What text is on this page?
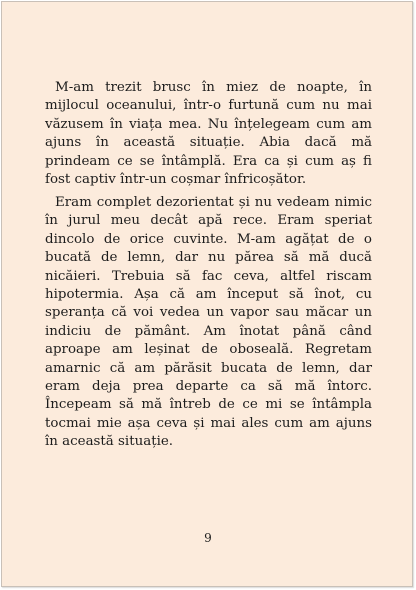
M-am trezit brusc în miez de noapte, în mijlocul oceanului, într-o furtună cum nu mai văzusem în viața mea. Nu înțelegeam cum am ajuns în această situație. Abia dacă mă prindeam ce se întâmplă. Era ca și cum aș fi fost captiv într-un coșmar înfricoșător.

Eram complet dezorientat și nu vedeam nimic în jurul meu decât apă rece. Eram speriat dincolo de orice cuvinte. M-am agățat de o bucată de lemn, dar nu părea să mă ducă nicăieri. Trebuia să fac ceva, altfel riscam hipotermia. Așa că am început să înot, cu speranța că voi vedea un vapor sau măcar un indiciu de pământ. Am înotat până când aproape am leșinat de oboseală. Regretam amarnic că am părăsit bucata de lemn, dar eram deja prea departe ca să mă întorc. Începeam să mă întreb de ce mi se întâmpla tocmai mie așa ceva și mai ales cum am ajuns în această situație.

9
